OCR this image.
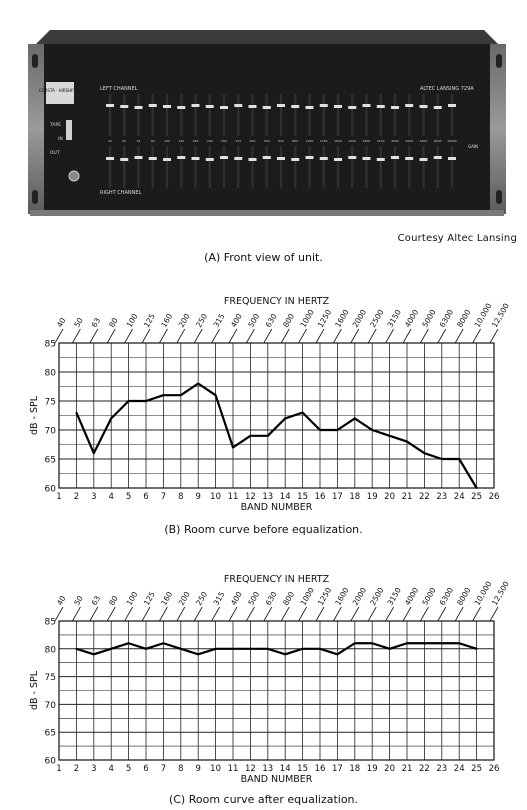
CORSTA · HIRSHFELD	LEFT CHANNEL
RIGHT CHANNEL
ALTEC LANSING 729A
TAPE
IN
OUT
GAIN
40	50	63	80	100	125	160	200	250	315	400	500	630	800	1000 1250 1600 2000 2500 3150 4000 5000 6300 8000 10000
Courtesy Altec Lansing
(A) Front view of unit.
FREQUENCY IN HERTZ
40 50 63 80 100 125 160 200 250 315 400 500 630 800 1000 1250 1600 2000 2500 3150 4000 5000 6300 8000 10,000
12,500
60
65
70
75
80
85
1 2 3 4 5 6 7 8 9 10 11 12 13 14 15 16 17 18 19 20 21 22 23 24 25 26
BAND NUMBER
dB - SPL
(B) Room curve before equalization.
FREQUENCY IN HERTZ
40 50 63 80 100 125 160 200 250 315 400 500 630 800 1000 1250 1600 2000 2500 3150 4000 5000 6300 8000 10,000
12,500
60
65
70
75
80
85
1 2 3 4 5 6 7 8 9 10 11 12 13 14 15 16 17 18 19 20 21 22 23 24 25 26
BAND NUMBER
dB - SPL
(C) Room curve after equalization.
